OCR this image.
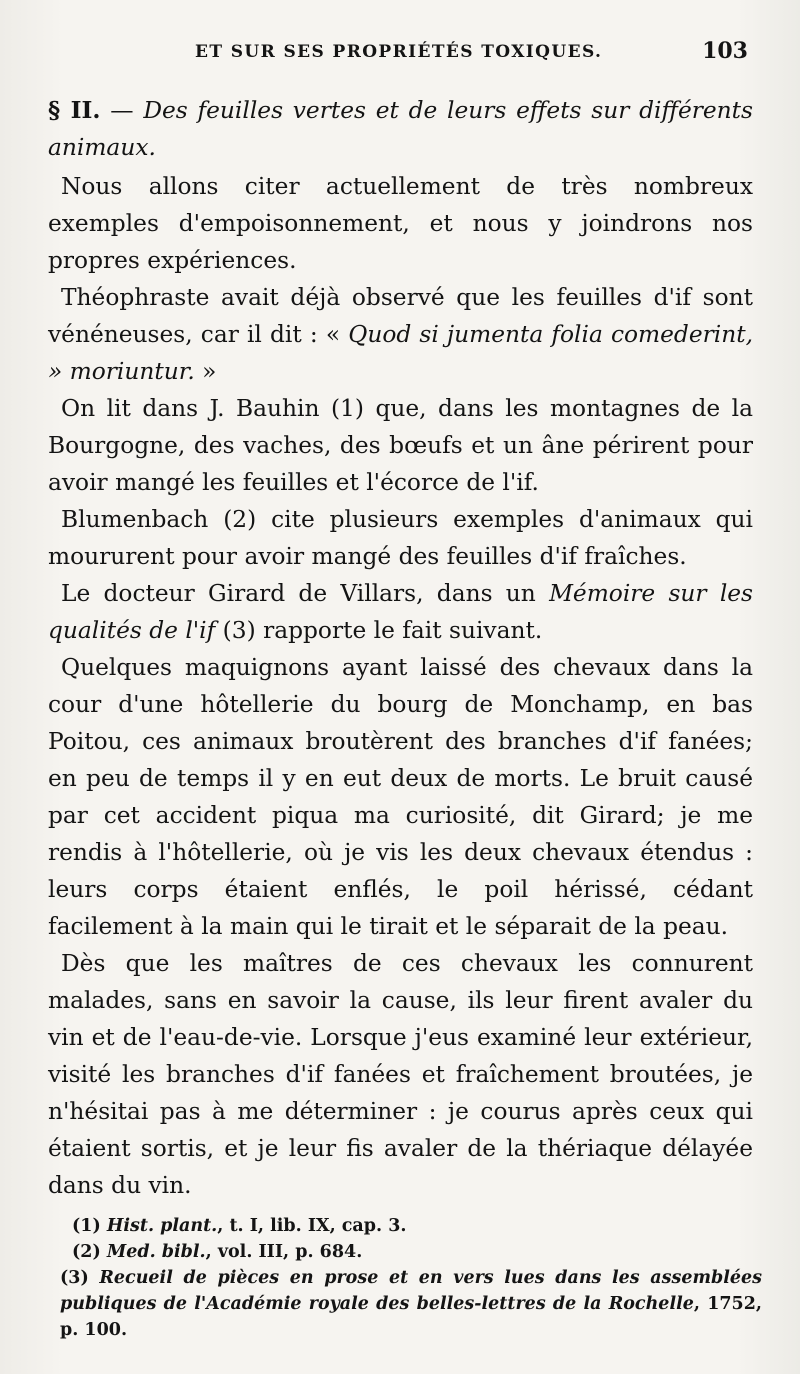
ET SUR SES PROPRIÉTÉS TOXIQUES.	103

§ II. — Des feuilles vertes et de leurs effets sur différents animaux.

Nous allons citer actuellement de très nombreux exemples d'empoisonnement, et nous y joindrons nos propres expériences.

Théophraste avait déjà observé que les feuilles d'if sont vénéneuses, car il dit : « Quod si jumenta folia comederint, » moriuntur. »

On lit dans J. Bauhin (1) que, dans les montagnes de la Bourgogne, des vaches, des bœufs et un âne périrent pour avoir mangé les feuilles et l'écorce de l'if.

Blumenbach (2) cite plusieurs exemples d'animaux qui moururent pour avoir mangé des feuilles d'if fraîches.

Le docteur Girard de Villars, dans un Mémoire sur les qualités de l'if (3) rapporte le fait suivant.

Quelques maquignons ayant laissé des chevaux dans la cour d'une hôtellerie du bourg de Monchamp, en bas Poitou, ces animaux broutèrent des branches d'if fanées; en peu de temps il y en eut deux de morts. Le bruit causé par cet accident piqua ma curiosité, dit Girard; je me rendis à l'hôtellerie, où je vis les deux chevaux étendus : leurs corps étaient enflés, le poil hérissé, cédant facilement à la main qui le tirait et le séparait de la peau.

Dès que les maîtres de ces chevaux les connurent malades, sans en savoir la cause, ils leur firent avaler du vin et de l'eau-de-vie. Lorsque j'eus examiné leur extérieur, visité les branches d'if fanées et fraîchement broutées, je n'hésitai pas à me déterminer : je courus après ceux qui étaient sortis, et je leur fis avaler de la thériaque délayée dans du vin.

(1) Hist. plant., t. I, lib. IX, cap. 3.

(2) Med. bibl., vol. III, p. 684.

(3) Recueil de pièces en prose et en vers lues dans les assemblées publiques de l'Académie royale des belles-lettres de la Rochelle, 1752, p. 100.
